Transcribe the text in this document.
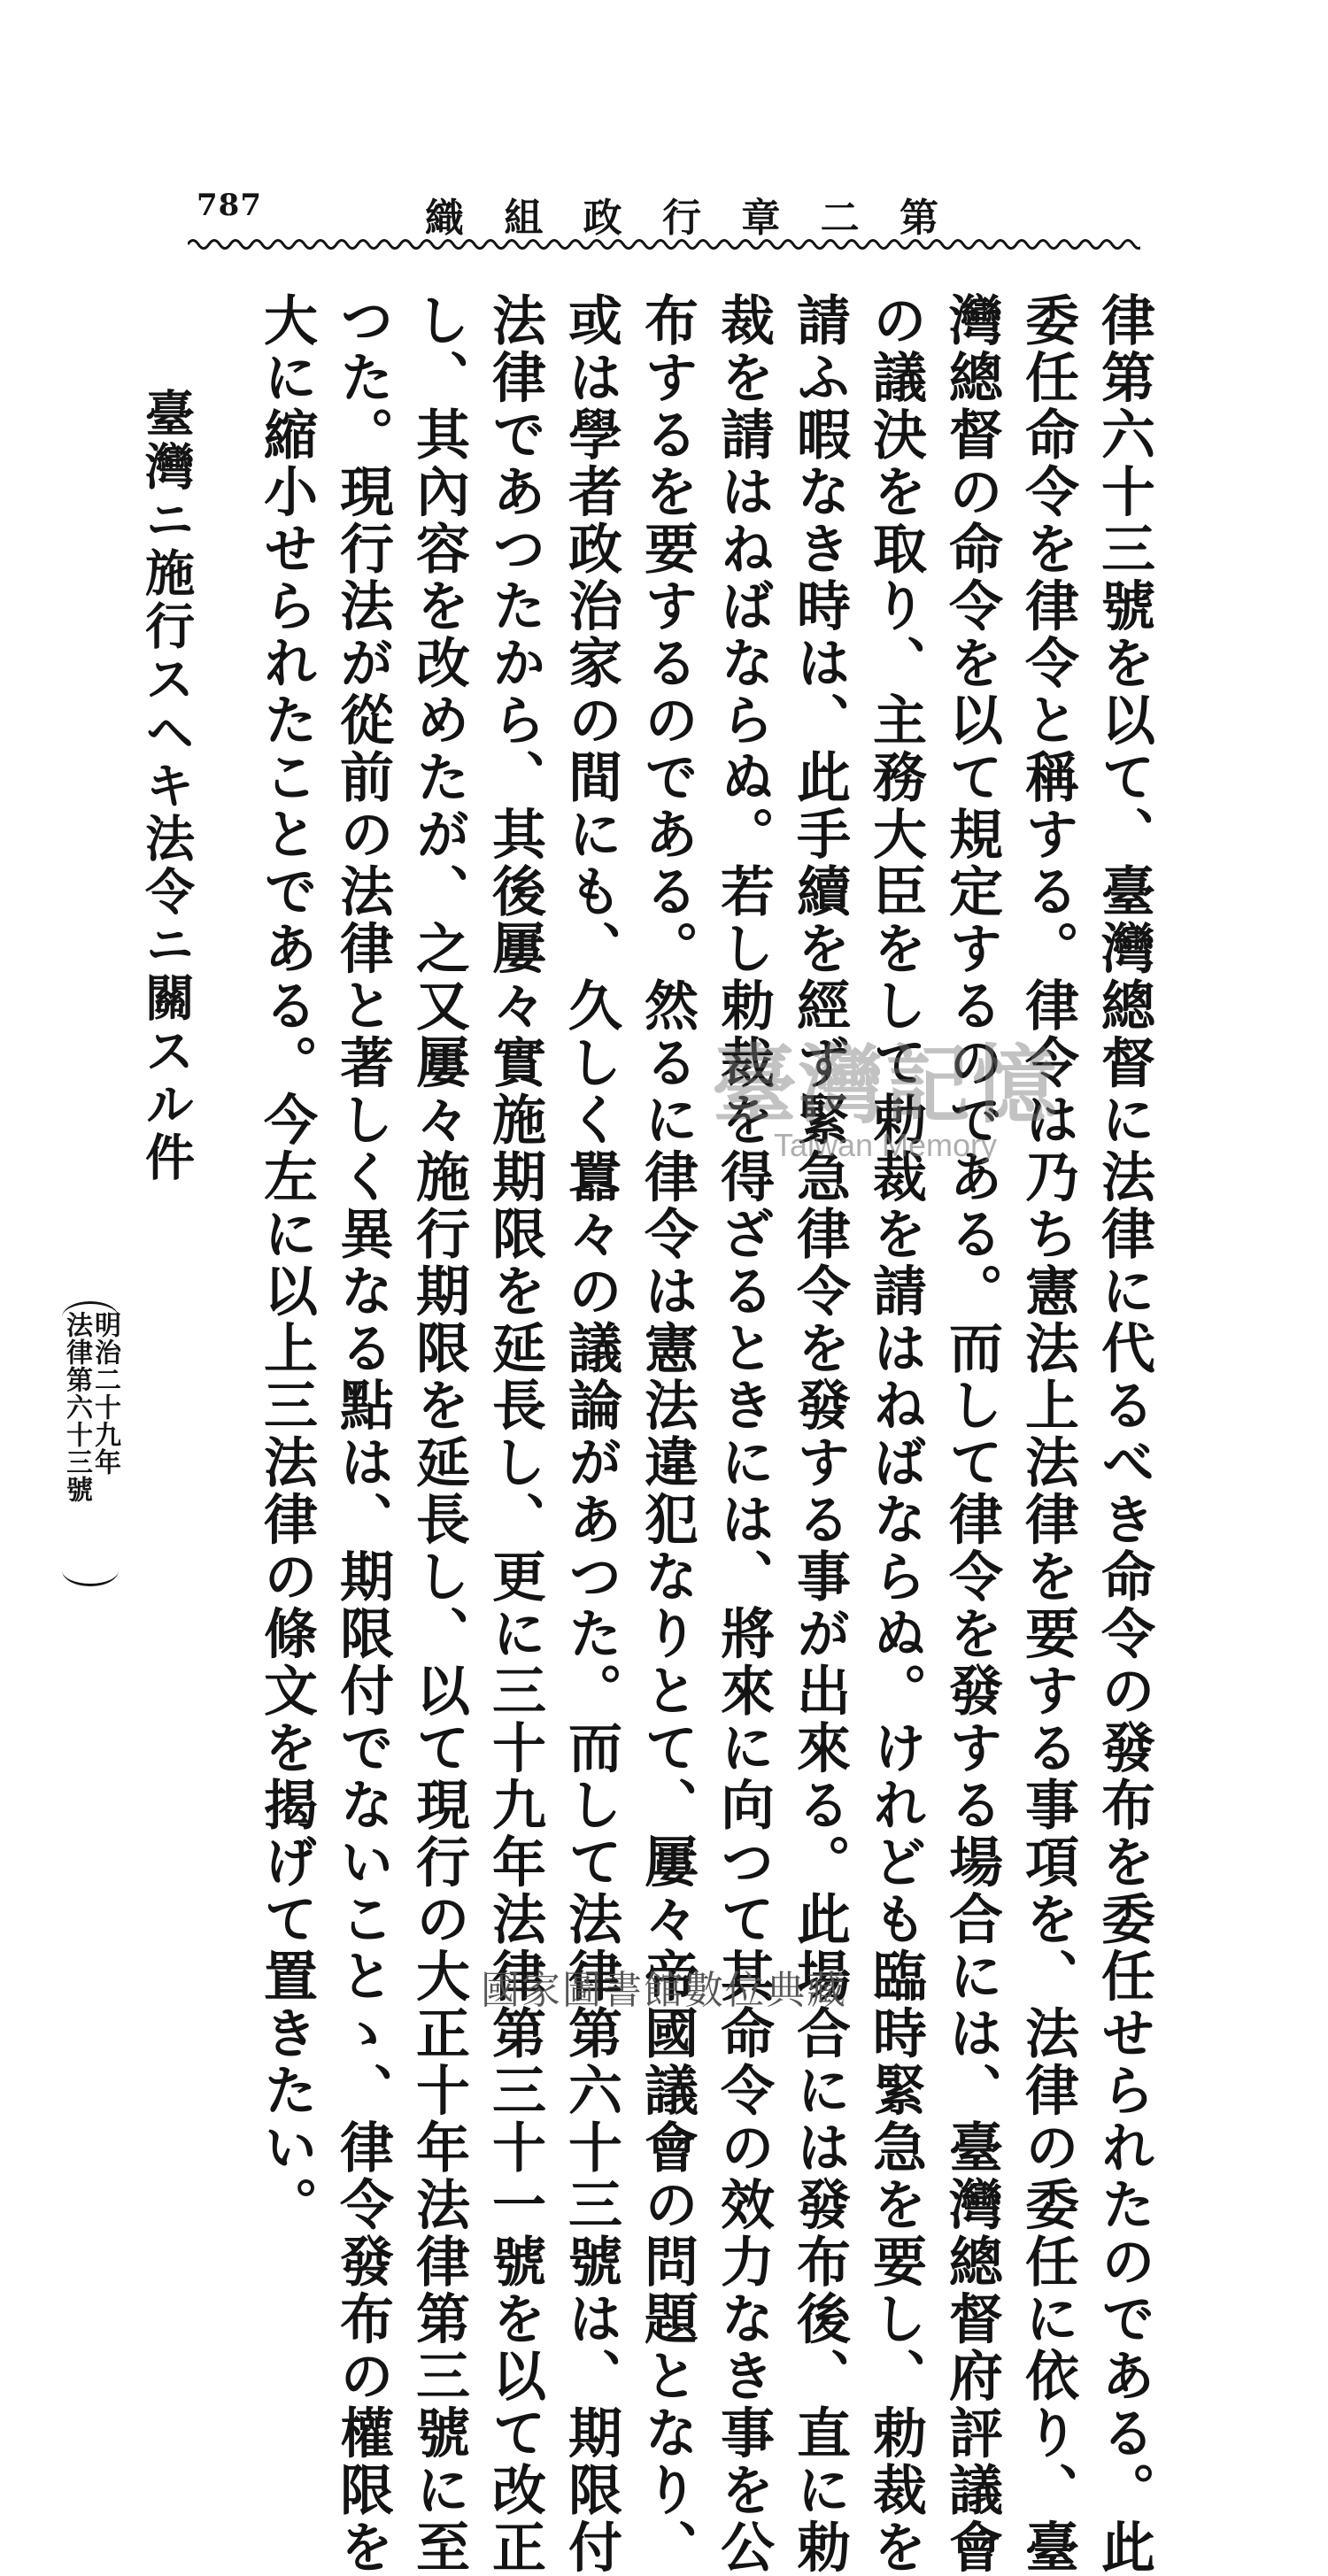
787	織 組 政 行 章 二 第
律第六十三號を以て、臺灣總督に法律に代るべき命令の發布を委任せられたのである。此
委任命令を律令と稱する。律令は乃ち憲法上法律を要する事項を、法律の委任に依り、臺
灣總督の命令を以て規定するのである。而して律令を發する場合には、臺灣總督府評議會
の議決を取り、主務大臣をして勅裁を請はねばならぬ。けれども臨時緊急を要し、勅裁を
請ふ暇なき時は、此手續を經ず緊急律令を發する事が出來る。此場合には發布後、直に勅
裁を請はねばならぬ。若し勅裁を得ざるときには、將來に向つて其命令の效力なき事を公
布するを要するのである。然るに律令は憲法違犯なりとて、屢々帝國議會の問題となり、
或は學者政治家の間にも、久しく囂々の議論があつた。而して法律第六十三號は、期限付
法律であつたから、其後屢々實施期限を延長し、更に三十九年法律第三十一號を以て改正
し、其內容を改めたが、之又屢々施行期限を延長し、以て現行の大正十年法律第三號に至
つた。現行法が從前の法律と著しく異なる點は、期限付でないことゝ、律令發布の權限を
大に縮小せられたことである。今左に以上三法律の條文を揭げて置きたい。
臺灣ニ施行スヘキ法令ニ關スル件
明治二十九年
法律第六十三號
臺灣記憶
Taiwan Memory
國家圖書館數位典藏
